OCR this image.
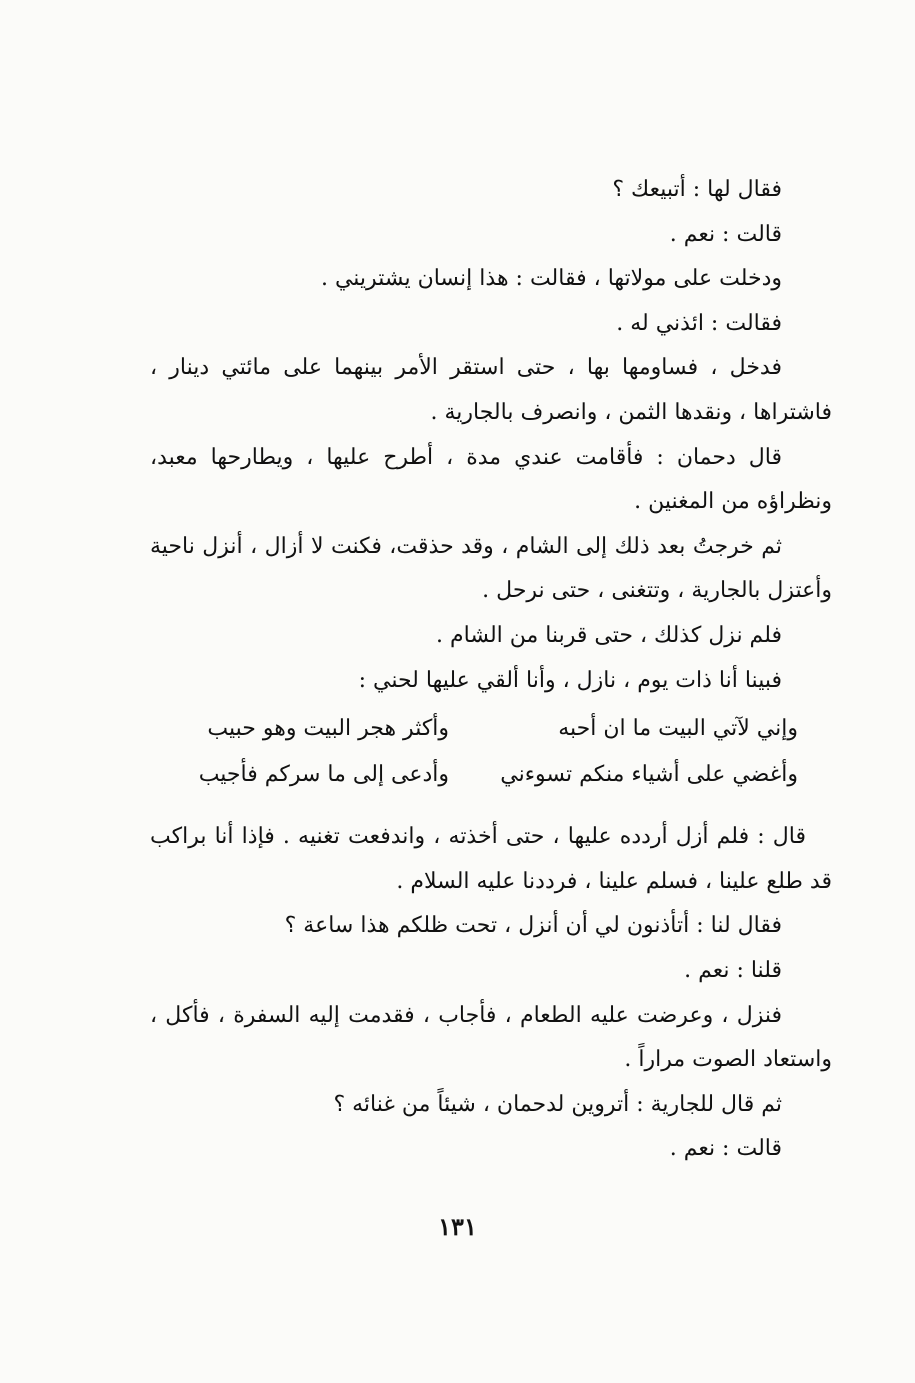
فقال لها : أتبيعك ؟

قالت : نعم .

ودخلت على مولاتها ، فقالت : هذا إنسان يشتريني .

فقالت : ائذني له .

فدخل ، فساومها بها ، حتى استقر الأمر بينهما على مائتي دينار ، فاشتراها ، ونقدها الثمن ، وانصرف بالجارية .

قال دحمان : فأقامت عندي مدة ، أطرح عليها ، ويطارحها معبد، ونظراؤه من المغنين .

ثم خرجتُ بعد ذلك إلى الشام ، وقد حذقت، فكنت لا أزال ، أنزل ناحية وأعتزل بالجارية ، وتتغنى ، حتى نرحل .

فلم نزل كذلك ، حتى قربنا من الشام .

فبينا أنا ذات يوم ، نازل ، وأنا ألقي عليها لحني :

وإني لآتي البيت ما ان أحبه
وأكثر هجر البيت وهو حبيب
وأغضي على أشياء منكم تسوءني
وأدعى إلى ما سركم فأجيب

قال : فلم أزل أردده عليها ، حتى أخذته ، واندفعت تغنيه . فإذا أنا براكب قد طلع علينا ، فسلم علينا ، فرددنا عليه السلام .

فقال لنا : أتأذنون لي أن أنزل ، تحت ظلكم هذا ساعة ؟

قلنا : نعم .

فنزل ، وعرضت عليه الطعام ، فأجاب ، فقدمت إليه السفرة ، فأكل ، واستعاد الصوت مراراً .

ثم قال للجارية : أتروين لدحمان ، شيئاً من غنائه ؟

قالت : نعم .

١٣١
